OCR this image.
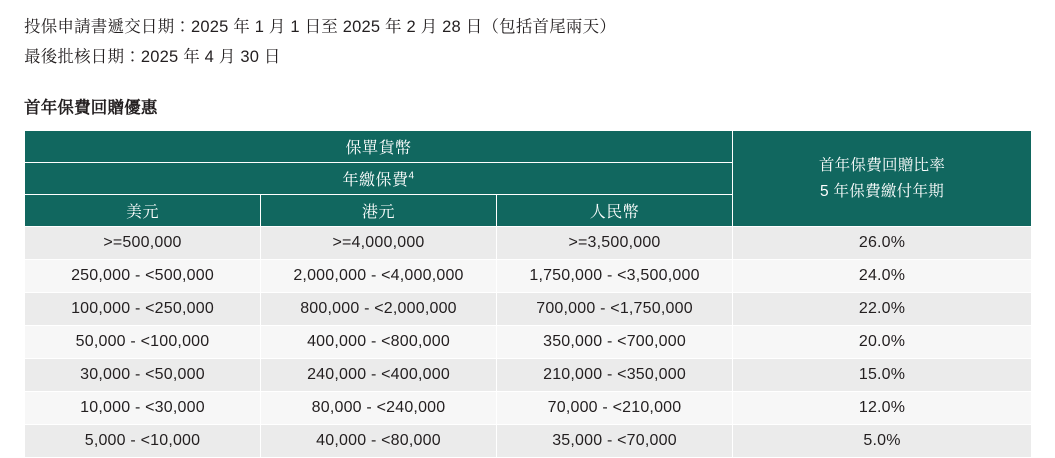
投保申請書遞交日期：2025 年 1 月 1 日至 2025 年 2 月 28 日（包括首尾兩天）
最後批核日期：2025 年 4 月 30 日
首年保費回贈優惠
保單貨幣			首年保費回贈比率
5 年保費繳付年期

年繳保費$^4$
美元	港元	人民幣	
>=500,000	>=4,000,000	>=3,500,000	26.0%
250,000 - <500,000	2,000,000 - <4,000,000	1,750,000 - <3,500,000	24.0%
100,000 - <250,000	800,000 - <2,000,000	700,000 - <1,750,000	22.0%
50,000 - <100,000	400,000 - <800,000	350,000 - <700,000	20.0%
30,000 - <50,000	240,000 - <400,000	210,000 - <350,000	15.0%
10,000 - <30,000	80,000 - <240,000	70,000 - <210,000	12.0%
5,000 - <10,000	40,000 - <80,000	35,000 - <70,000	5.0%
